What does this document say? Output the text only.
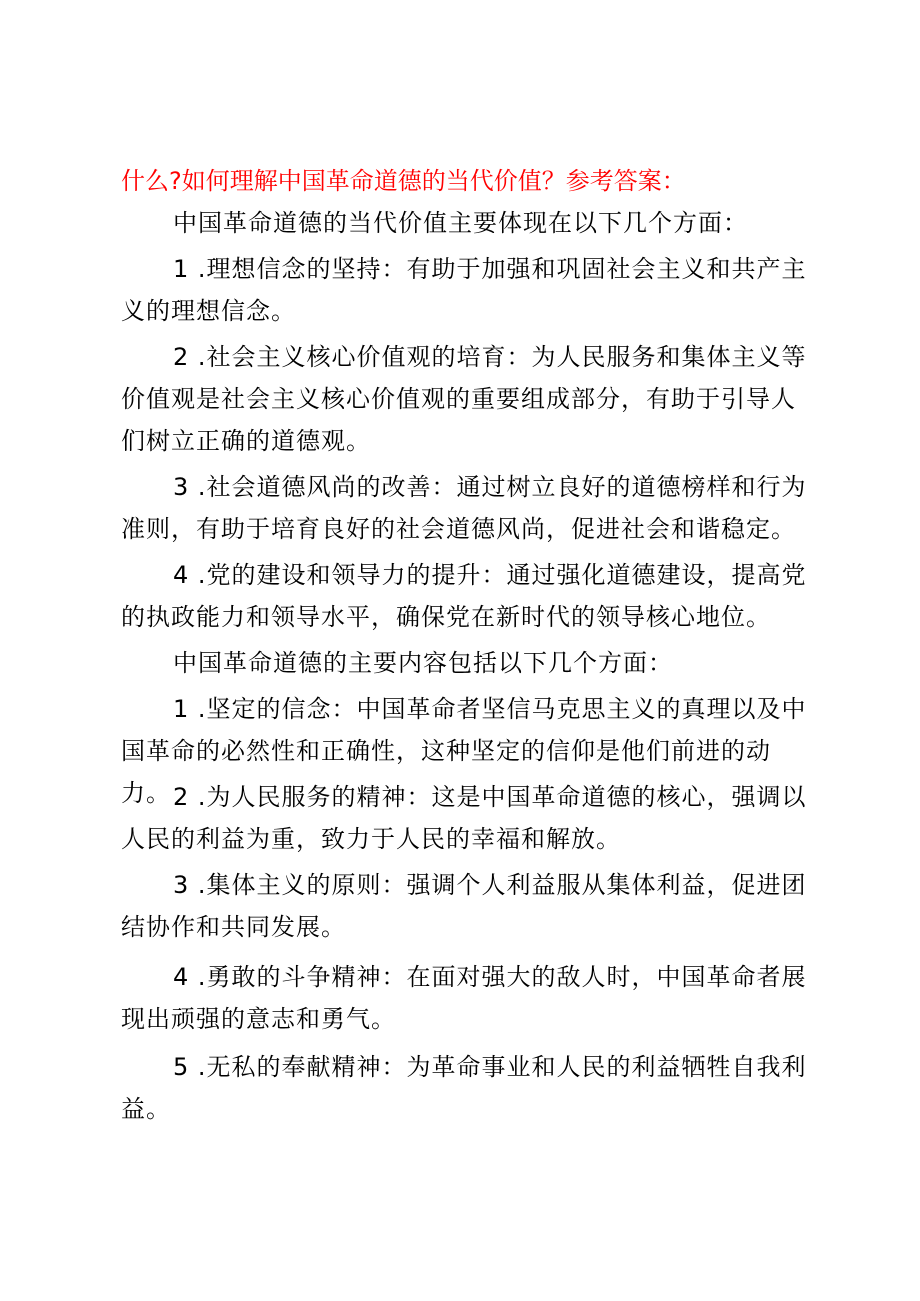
什么?如何理解中国革命道德的当代价值？参考答案：

中国革命道德的当代价值主要体现在以下几个方面：

1 .理想信念的坚持：有助于加强和巩固社会主义和共产主义的理想信念。

2 .社会主义核心价值观的培育：为人民服务和集体主义等价值观是社会主义核心价值观的重要组成部分，有助于引导人们树立正确的道德观。

3 .社会道德风尚的改善：通过树立良好的道德榜样和行为准则，有助于培育良好的社会道德风尚，促进社会和谐稳定。

4 .党的建设和领导力的提升：通过强化道德建设，提高党的执政能力和领导水平，确保党在新时代的领导核心地位。

中国革命道德的主要内容包括以下几个方面：

1 .坚定的信念：中国革命者坚信马克思主义的真理以及中国革命的必然性和正确性，这种坚定的信仰是他们前进的动力。 2 .为人民服务的精神：这是中国革命道德的核心，强调以人民的利益为重，致力于人民的幸福和解放。

3 .集体主义的原则：强调个人利益服从集体利益，促进团结协作和共同发展。

4 .勇敢的斗争精神：在面对强大的敌人时，中国革命者展现出顽强的意志和勇气。

5 .无私的奉献精神：为革命事业和人民的利益牺牲自我利益。
